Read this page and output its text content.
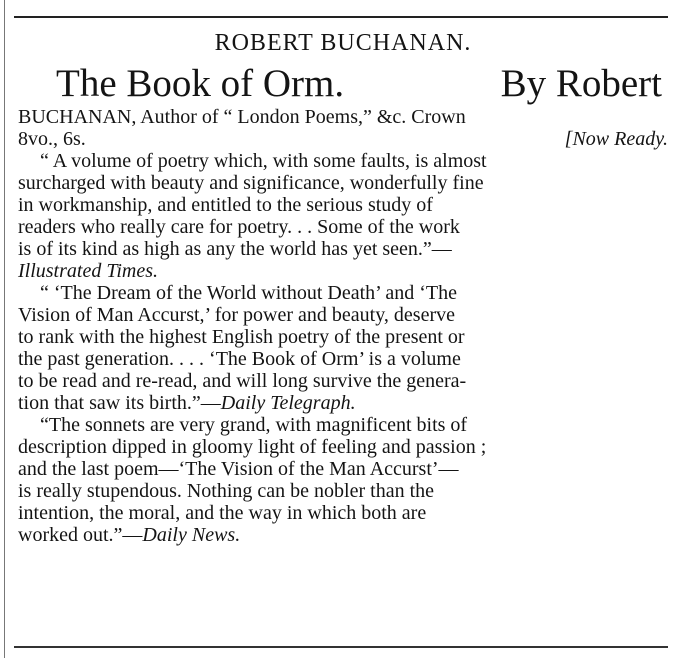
ROBERT BUCHANAN.
The Book of Orm.	By Robert
BUCHANAN, Author of “ London Poems,” &c. Crown
8vo., 6s.	[Now Ready.
“ A volume of poetry which, with some faults, is almost
surcharged with beauty and significance, wonderfully fine
in workmanship, and entitled to the serious study of
readers who really care for poetry. . . Some of the work
is of its kind as high as any the world has yet seen.”—
Illustrated Times.
“ ‘The Dream of the World without Death’ and ‘The
Vision of Man Accurst,’ for power and beauty, deserve
to rank with the highest English poetry of the present or
the past generation. . . . ‘The Book of Orm’ is a volume
to be read and re-read, and will long survive the genera-
tion that saw its birth.”—Daily Telegraph.
“The sonnets are very grand, with magnificent bits of
description dipped in gloomy light of feeling and passion ;
and the last poem—‘The Vision of the Man Accurst’—
is really stupendous. Nothing can be nobler than the
intention, the moral, and the way in which both are
worked out.”—Daily News.
